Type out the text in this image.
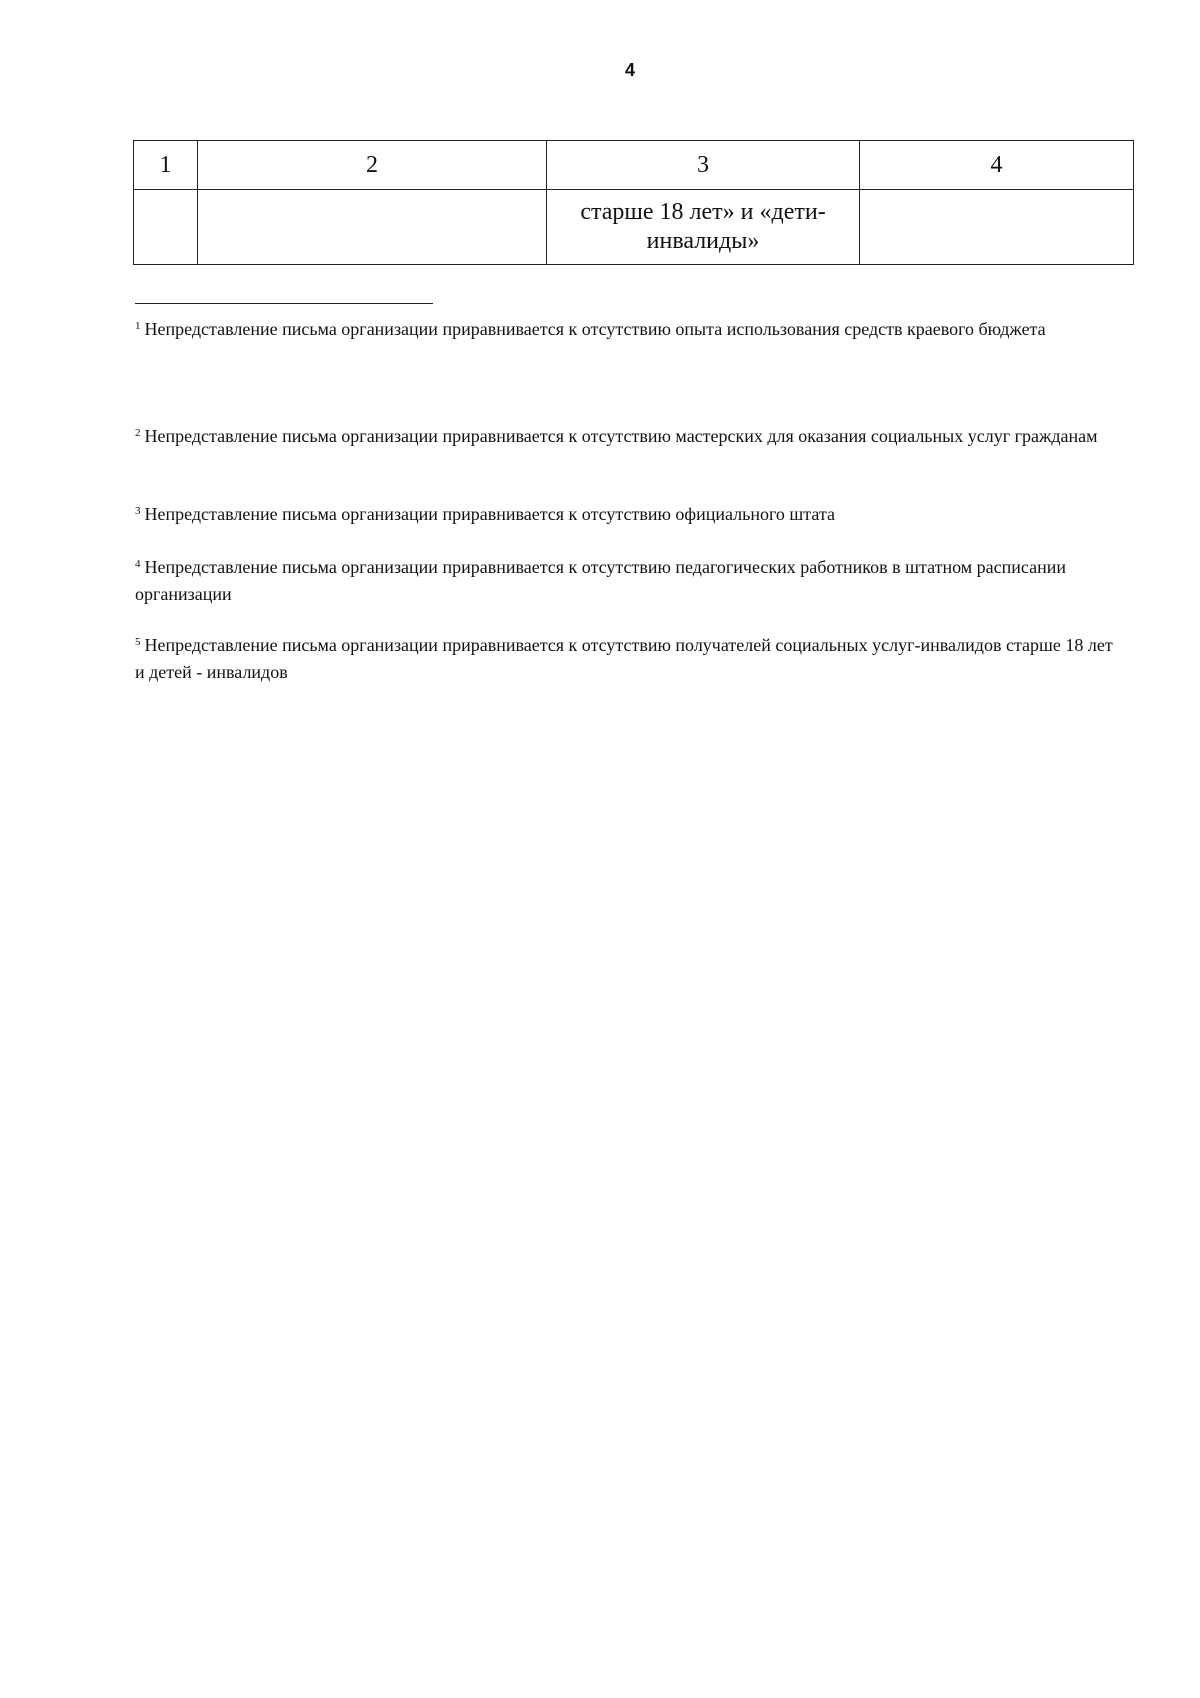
4
1	2	3	4
		старше 18 лет» и «дети-инвалиды»	
$^1$ Непредставление письма организации приравнивается к отсутствию опыта использования средств краевого бюджета
$^2$ Непредставление письма организации приравнивается к отсутствию мастерских для оказания социальных услуг гражданам
$^3$ Непредставление письма организации приравнивается к отсутствию официального штата
$^4$ Непредставление письма организации приравнивается к отсутствию педагогических работников в штатном расписании организации
$^5$ Непредставление письма организации приравнивается к отсутствию получателей социальных услуг-инвалидов старше 18 лет и детей - инвалидов
